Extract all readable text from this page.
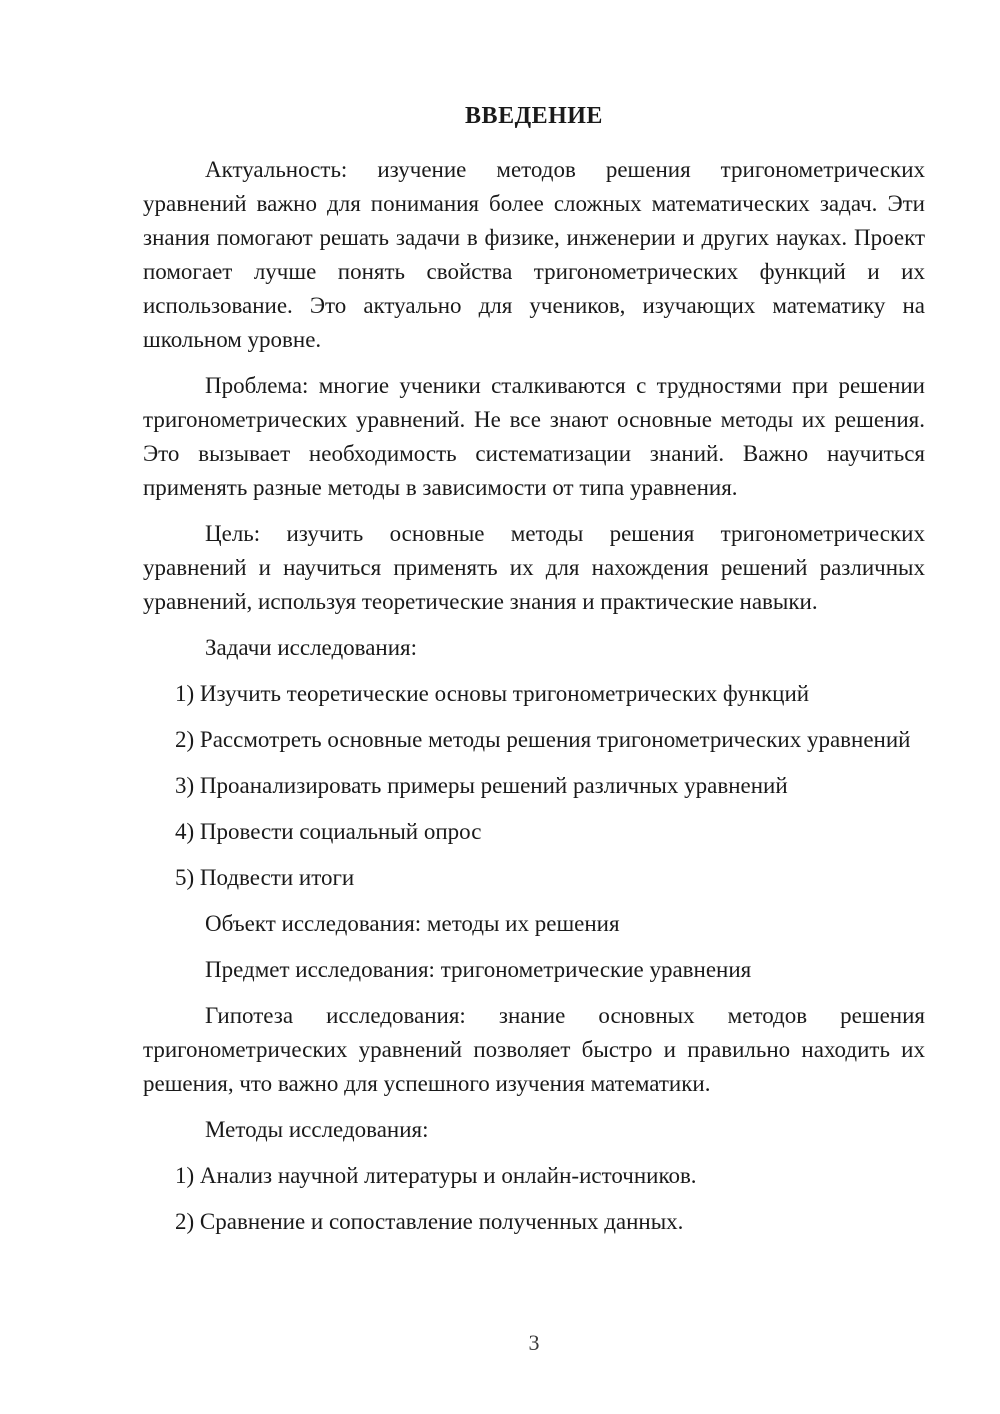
ВВЕДЕНИЕ

Актуальность: изучение методов решения тригонометрических уравнений важно для понимания более сложных математических задач. Эти знания помогают решать задачи в физике, инженерии и других науках. Проект помогает лучше понять свойства тригонометрических функций и их использование. Это актуально для учеников, изучающих математику на школьном уровне.

Проблема: многие ученики сталкиваются с трудностями при решении тригонометрических уравнений. Не все знают основные методы их решения. Это вызывает необходимость систематизации знаний. Важно научиться применять разные методы в зависимости от типа уравнения.

Цель: изучить основные методы решения тригонометрических уравнений и научиться применять их для нахождения решений различных уравнений, используя теоретические знания и практические навыки.

Задачи исследования:

1) Изучить теоретические основы тригонометрических функций

2) Рассмотреть основные методы решения тригонометрических уравнений

3) Проанализировать примеры решений различных уравнений

4) Провести социальный опрос

5) Подвести итоги

Объект исследования: методы их решения

Предмет исследования: тригонометрические уравнения

Гипотеза исследования: знание основных методов решения тригонометрических уравнений позволяет быстро и правильно находить их решения, что важно для успешного изучения математики.

Методы исследования:

1) Анализ научной литературы и онлайн-источников.

2) Сравнение и сопоставление полученных данных.

3
